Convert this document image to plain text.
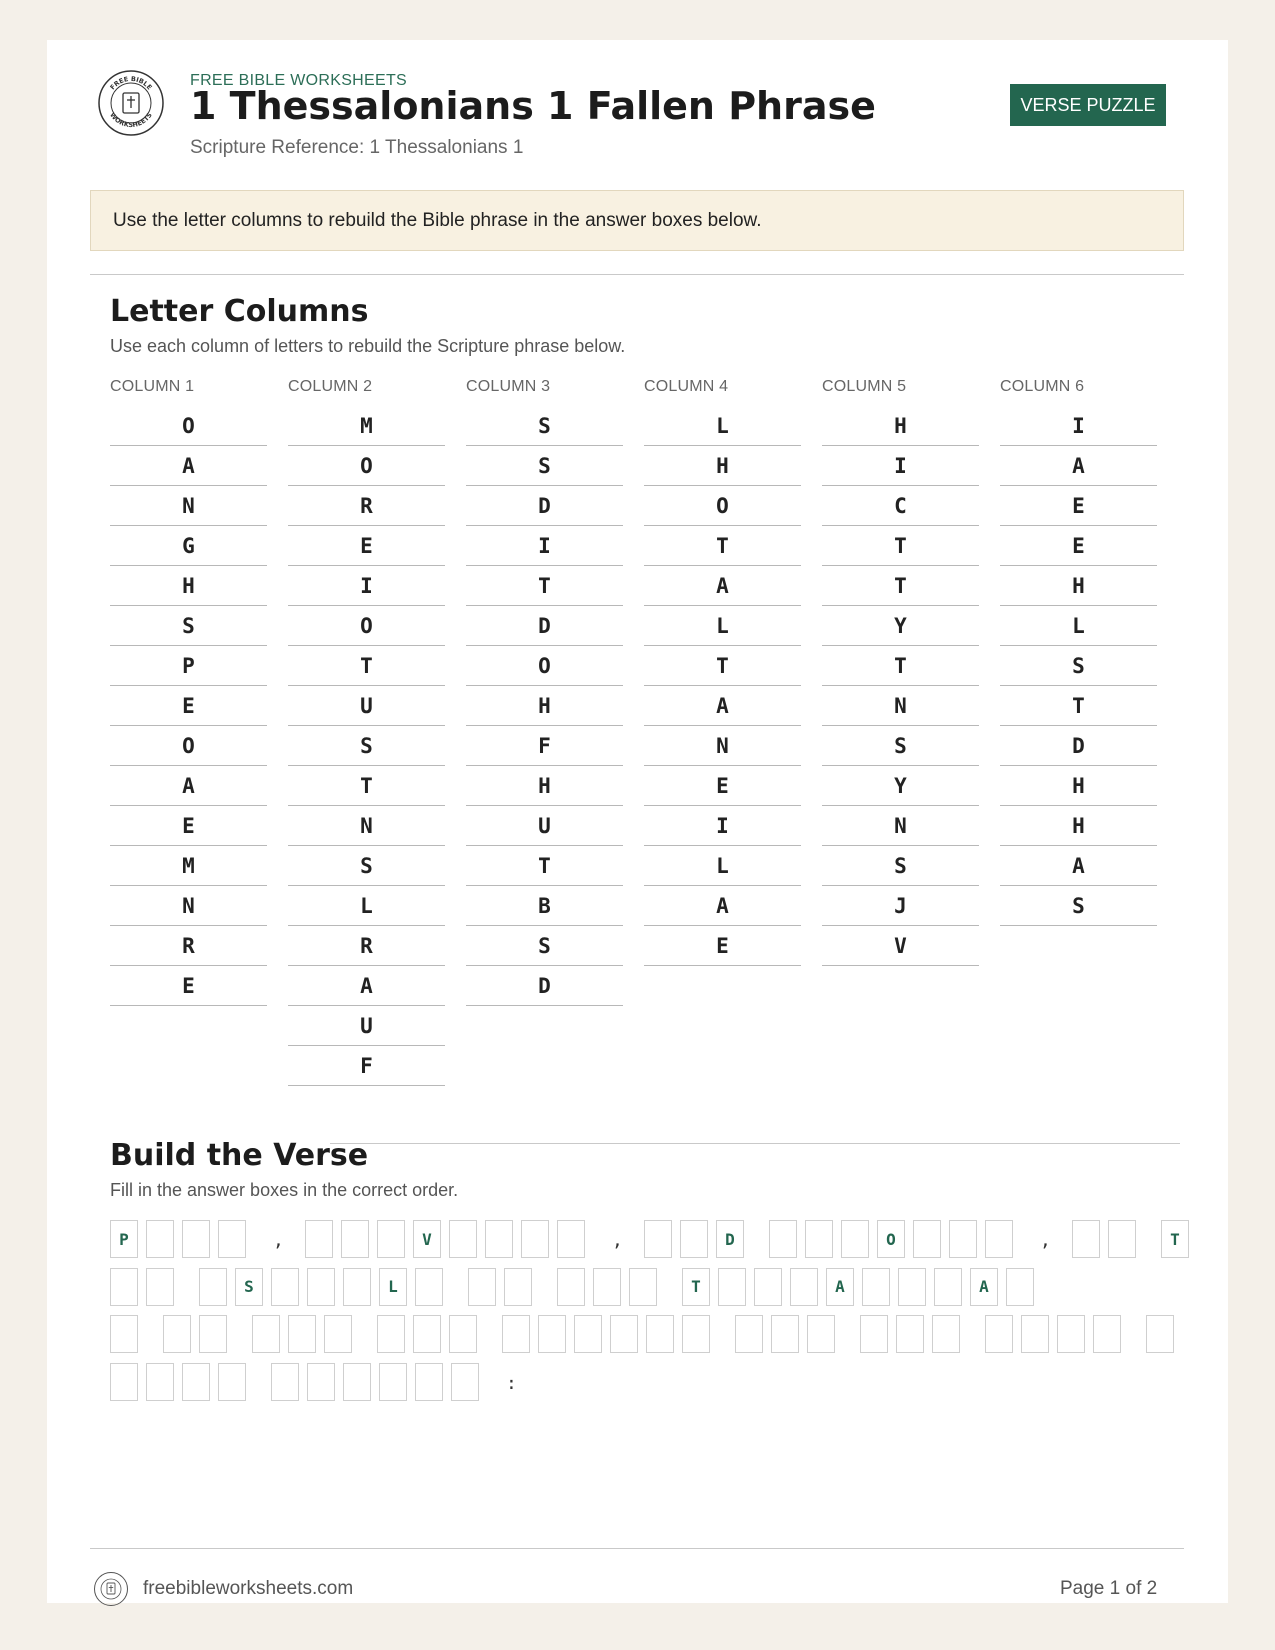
FREE BIBLE
WORKSHEETS
FREE BIBLE WORKSHEETS
1 Thessalonians 1 Fallen Phrase
Scripture Reference: 1 Thessalonians 1
VERSE PUZZLE
Use the letter columns to rebuild the Bible phrase in the answer boxes below.
Letter Columns
Use each column of letters to rebuild the Scripture phrase below.
COLUMN 1
O
A
N
G
H
S
P
E
O
A
E
M
N
R
E
COLUMN 2
M
O
R
E
I
O
T
U
S
T
N
S
L
R
A
U
F
COLUMN 3
S
S
D
I
T
D
O
H
F
H
U
T
B
S
D
COLUMN 4
L
H
O
T
A
L
T
A
N
E
I
L
A
E
COLUMN 5
H
I
C
T
T
Y
T
N
S
Y
N
S
J
V
COLUMN 6
I
A
E
E
H
L
S
T
D
H
H
A
S
Build the Verse
Fill in the answer boxes in the correct order.
P	,	V	,	D	O	,	T
S	L	T	A	A
:
freebibleworksheets.com	Page 1 of 2
